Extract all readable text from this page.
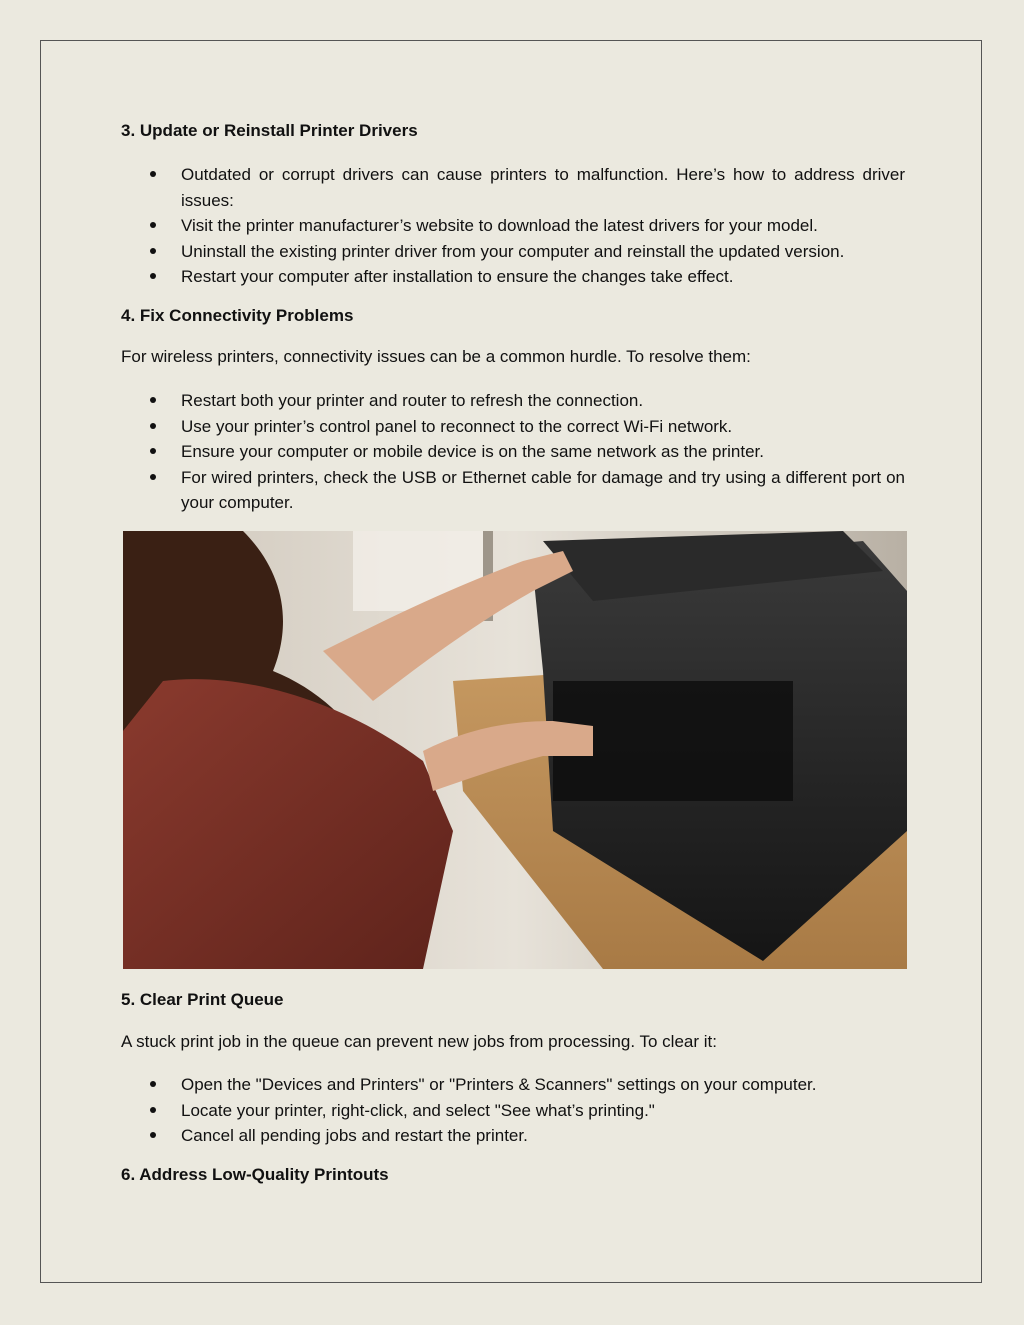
3. Update or Reinstall Printer Drivers
Outdated or corrupt drivers can cause printers to malfunction. Here’s how to address driver issues:
Visit the printer manufacturer’s website to download the latest drivers for your model.
Uninstall the existing printer driver from your computer and reinstall the updated version.
Restart your computer after installation to ensure the changes take effect.
4. Fix Connectivity Problems

For wireless printers, connectivity issues can be a common hurdle. To resolve them:

Restart both your printer and router to refresh the connection.
Use your printer’s control panel to reconnect to the correct Wi-Fi network.
Ensure your computer or mobile device is on the same network as the printer.
For wired printers, check the USB or Ethernet cable for damage and try using a different port on your computer.
5. Clear Print Queue

A stuck print job in the queue can prevent new jobs from processing. To clear it:

Open the "Devices and Printers" or "Printers & Scanners" settings on your computer.
Locate your printer, right-click, and select "See what’s printing."
Cancel all pending jobs and restart the printer.
6. Address Low-Quality Printouts
